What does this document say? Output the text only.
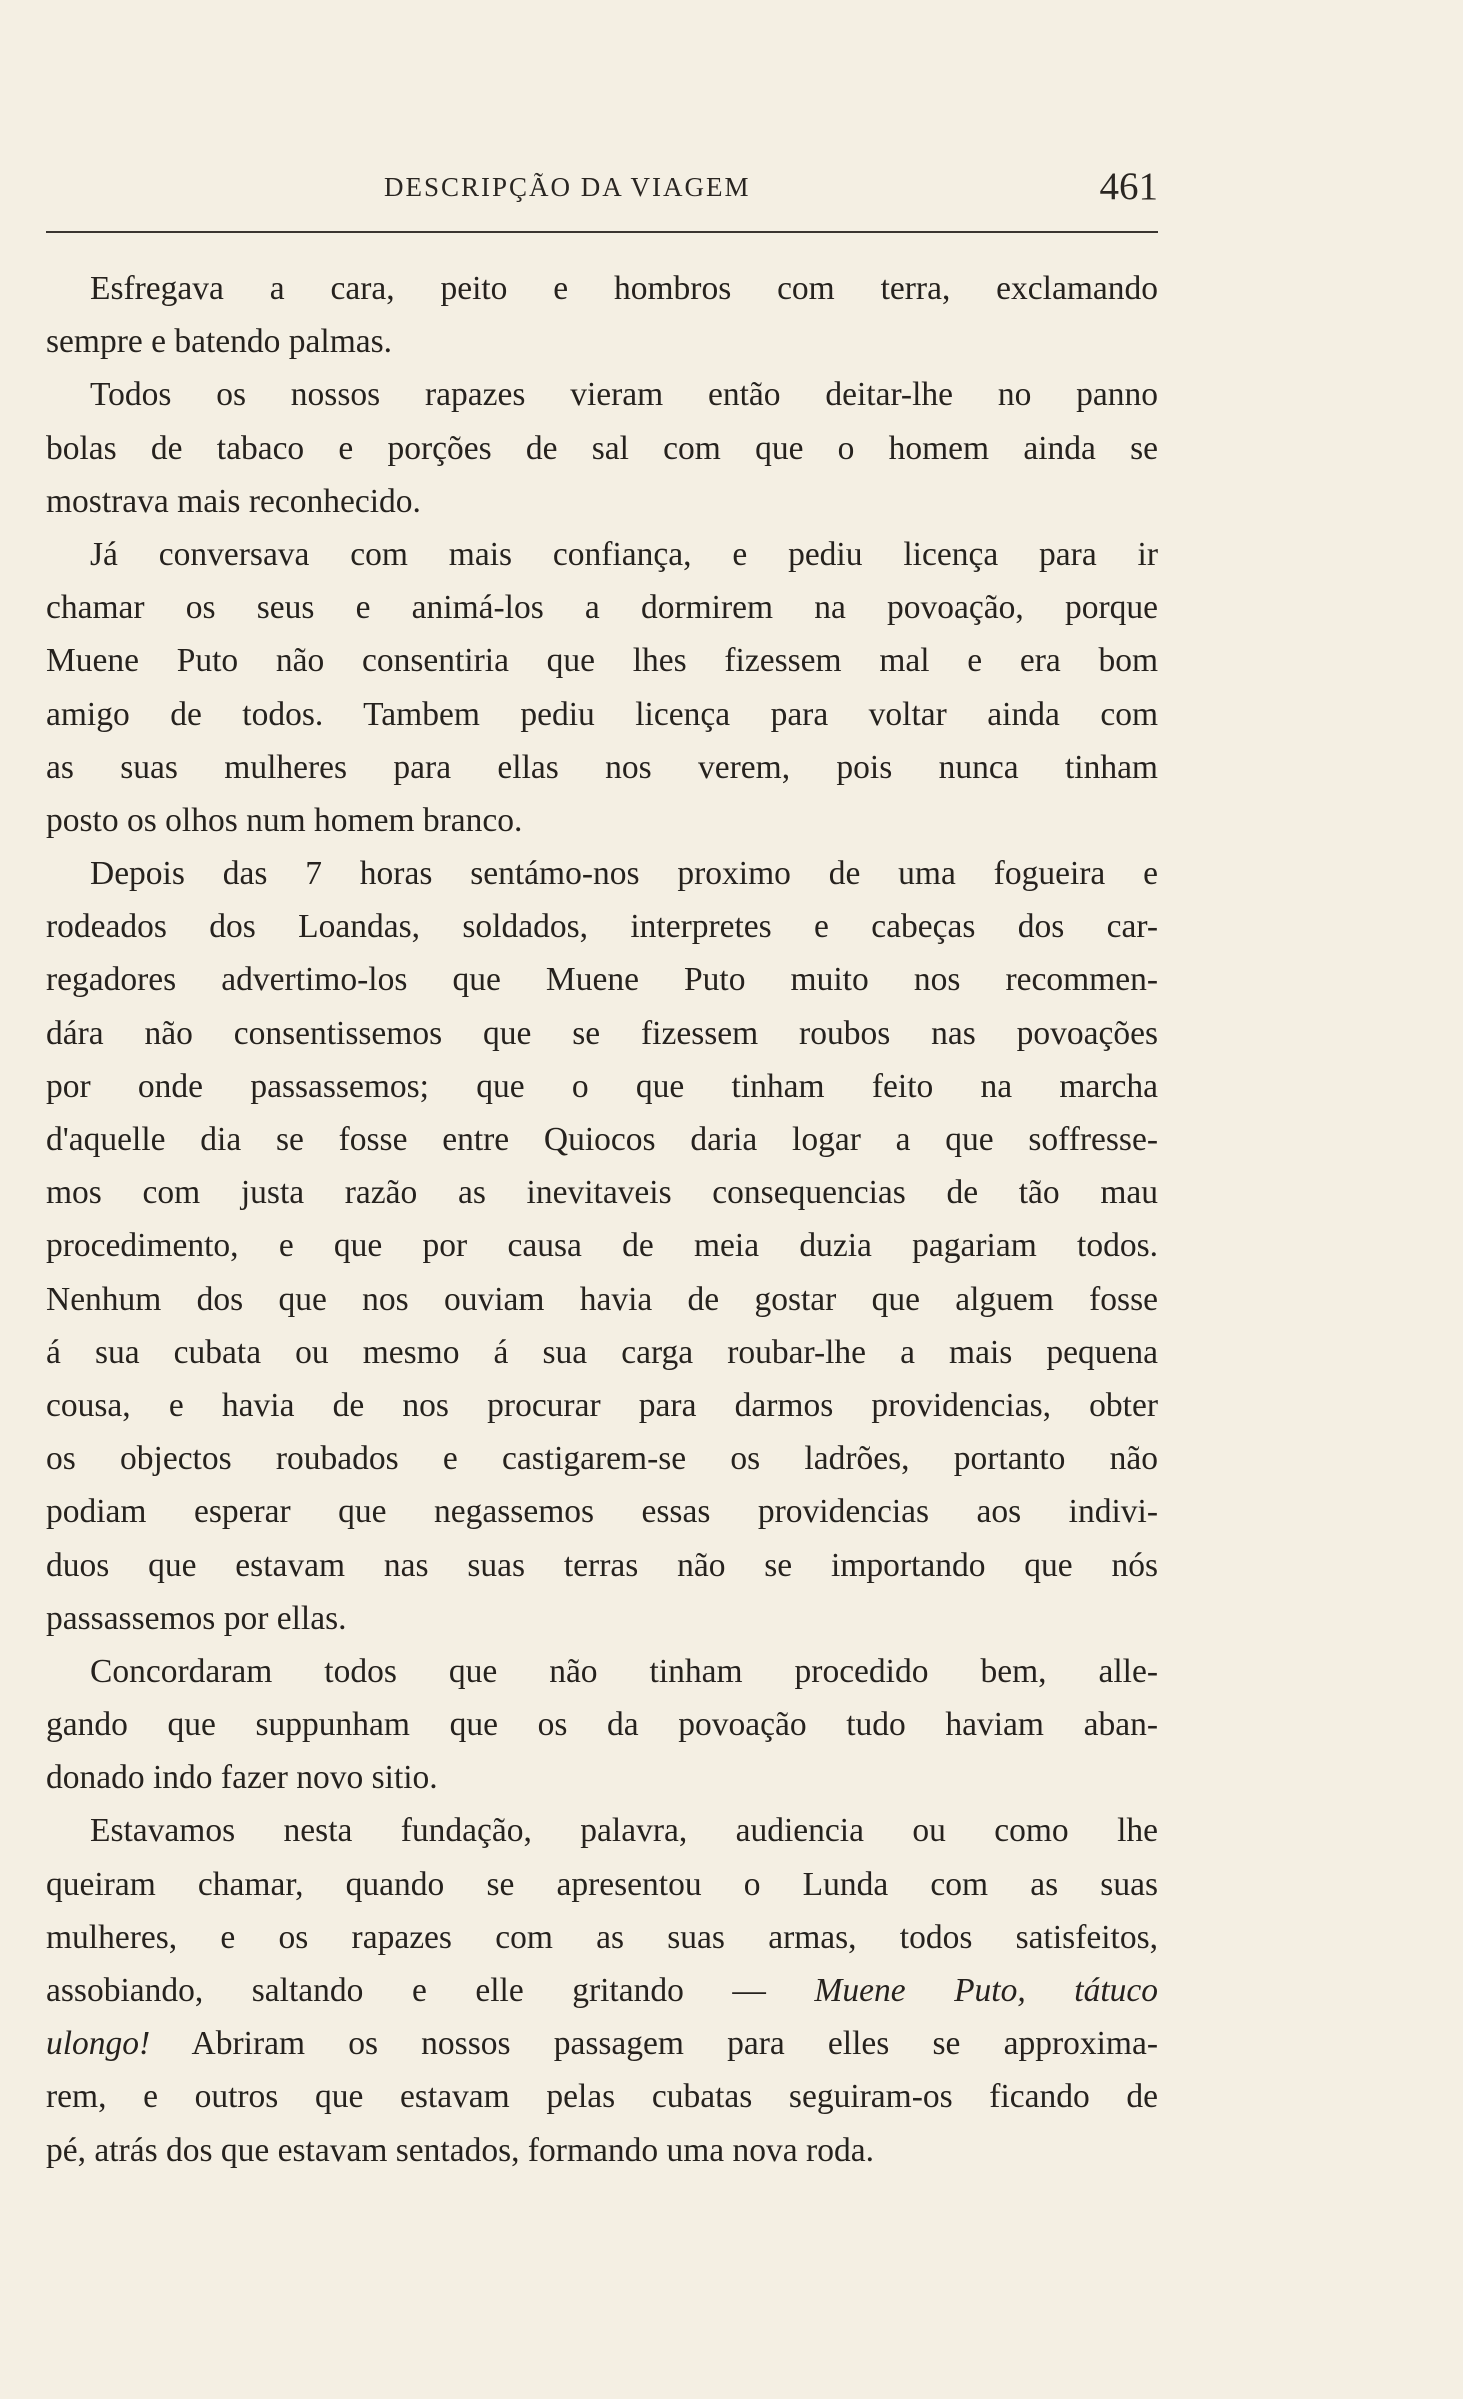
DESCRIPÇÃO DA VIAGEM	461
Esfregava a cara, peito e hombros com terra, exclamando
sempre e batendo palmas.
Todos os nossos rapazes vieram então deitar-lhe no panno
bolas de tabaco e porções de sal com que o homem ainda se
mostrava mais reconhecido.
Já conversava com mais confiança, e pediu licença para ir
chamar os seus e animá-los a dormirem na povoação, porque
Muene Puto não consentiria que lhes fizessem mal e era bom
amigo de todos. Tambem pediu licença para voltar ainda com
as suas mulheres para ellas nos verem, pois nunca tinham
posto os olhos num homem branco.
Depois das 7 horas sentámo-nos proximo de uma fogueira e
rodeados dos Loandas, soldados, interpretes e cabeças dos car-
regadores advertimo-los que Muene Puto muito nos recommen-
dára não consentissemos que se fizessem roubos nas povoações
por onde passassemos; que o que tinham feito na marcha
d'aquelle dia se fosse entre Quiocos daria logar a que soffresse-
mos com justa razão as inevitaveis consequencias de tão mau
procedimento, e que por causa de meia duzia pagariam todos.
Nenhum dos que nos ouviam havia de gostar que alguem fosse
á sua cubata ou mesmo á sua carga roubar-lhe a mais pequena
cousa, e havia de nos procurar para darmos providencias, obter
os objectos roubados e castigarem-se os ladrões, portanto não
podiam esperar que negassemos essas providencias aos indivi-
duos que estavam nas suas terras não se importando que nós
passassemos por ellas.
Concordaram todos que não tinham procedido bem, alle-
gando que suppunham que os da povoação tudo haviam aban-
donado indo fazer novo sitio.
Estavamos nesta fundação, palavra, audiencia ou como lhe
queiram chamar, quando se apresentou o Lunda com as suas
mulheres, e os rapazes com as suas armas, todos satisfeitos,
assobiando, saltando e elle gritando — Muene Puto, tátuco
ulongo! Abriram os nossos passagem para elles se approxima-
rem, e outros que estavam pelas cubatas seguiram-os ficando de
pé, atrás dos que estavam sentados, formando uma nova roda.
